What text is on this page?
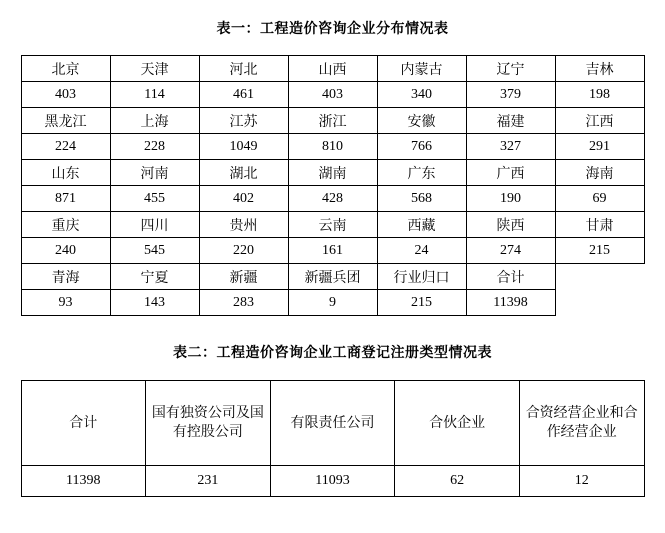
表一：工程造价咨询企业分布情况表
北京	天津	河北	山西	内蒙古	辽宁	吉林
403	114	461	403	340	379	198
黑龙江	上海	江苏	浙江	安徽	福建	江西
224	228	1049	810	766	327	291
山东	河南	湖北	湖南	广东	广西	海南
871	455	402	428	568	190	69
重庆	四川	贵州	云南	西藏	陕西	甘肃
240	545	220	161	24	274	215
青海	宁夏	新疆	新疆兵团	行业归口	合计	
93	143	283	9	215	11398	
表二：工程造价咨询企业工商登记注册类型情况表
合计	国有独资公司及国有控股公司	有限责任公司	合伙企业	合资经营企业和合作经营企业
11398	231	11093	62	12
